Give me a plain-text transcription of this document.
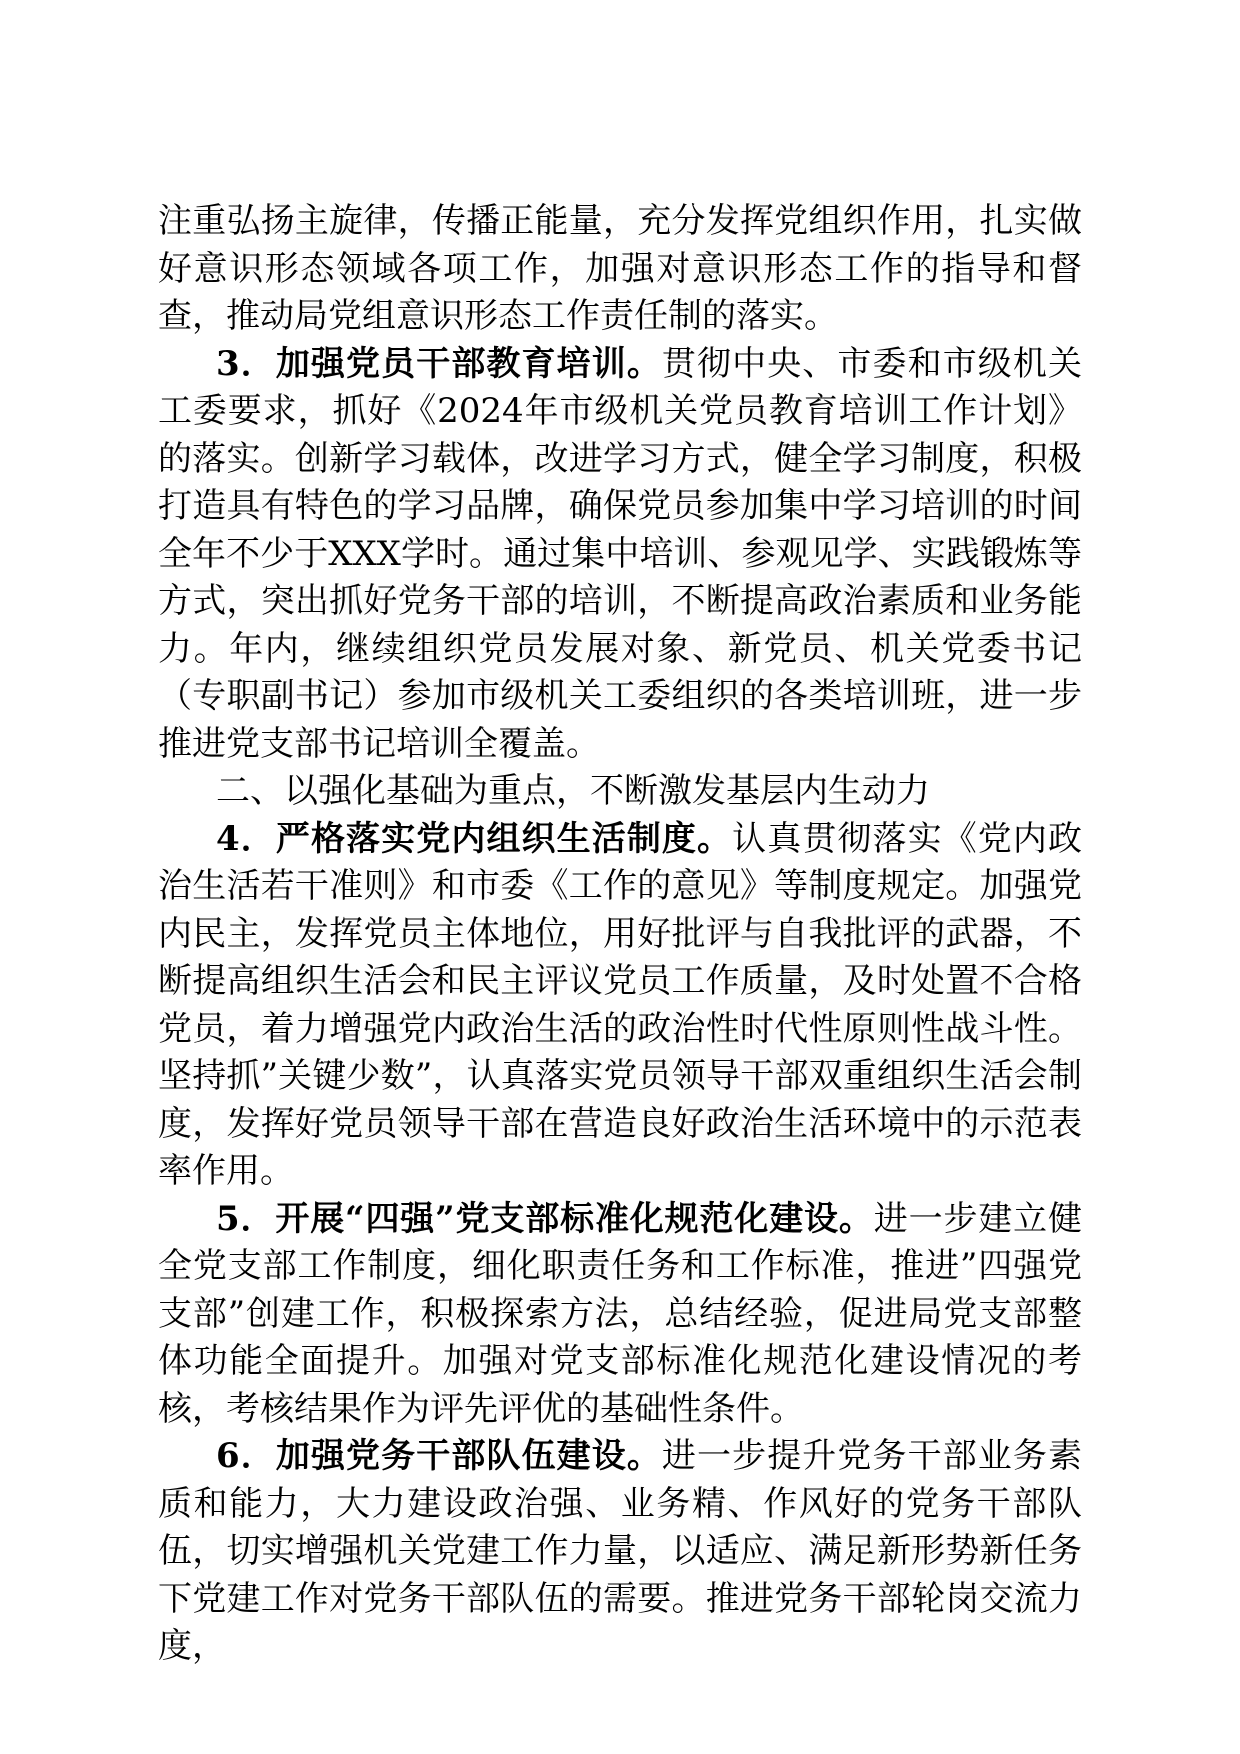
注重弘扬主旋律，传播正能量，充分发挥党组织作用，扎实做好意识形态领域各项工作，加强对意识形态工作的指导和督查，推动局党组意识形态工作责任制的落实。

3．加强党员干部教育培训。贯彻中央、市委和市级机关工委要求，抓好《2024年市级机关党员教育培训工作计划》的落实。创新学习载体，改进学习方式，健全学习制度，积极打造具有特色的学习品牌，确保党员参加集中学习培训的时间全年不少于XXX学时。通过集中培训、参观见学、实践锻炼等方式，突出抓好党务干部的培训，不断提高政治素质和业务能力。年内，继续组织党员发展对象、新党员、机关党委书记（专职副书记）参加市级机关工委组织的各类培训班，进一步推进党支部书记培训全覆盖。

二、以强化基础为重点，不断激发基层内生动力

4．严格落实党内组织生活制度。认真贯彻落实《党内政治生活若干准则》和市委《工作的意见》等制度规定。加强党内民主，发挥党员主体地位，用好批评与自我批评的武器，不断提高组织生活会和民主评议党员工作质量，及时处置不合格党员，着力增强党内政治生活的政治性时代性原则性战斗性。坚持抓”关键少数”，认真落实党员领导干部双重组织生活会制度，发挥好党员领导干部在营造良好政治生活环境中的示范表率作用。

5．开展“四强”党支部标准化规范化建设。进一步建立健全党支部工作制度，细化职责任务和工作标准，推进”四强党支部”创建工作，积极探索方法，总结经验，促进局党支部整体功能全面提升。加强对党支部标准化规范化建设情况的考核，考核结果作为评先评优的基础性条件。

6．加强党务干部队伍建设。进一步提升党务干部业务素质和能力，大力建设政治强、业务精、作风好的党务干部队伍，切实增强机关党建工作力量，以适应、满足新形势新任务下党建工作对党务干部队伍的需要。推进党务干部轮岗交流力度，
